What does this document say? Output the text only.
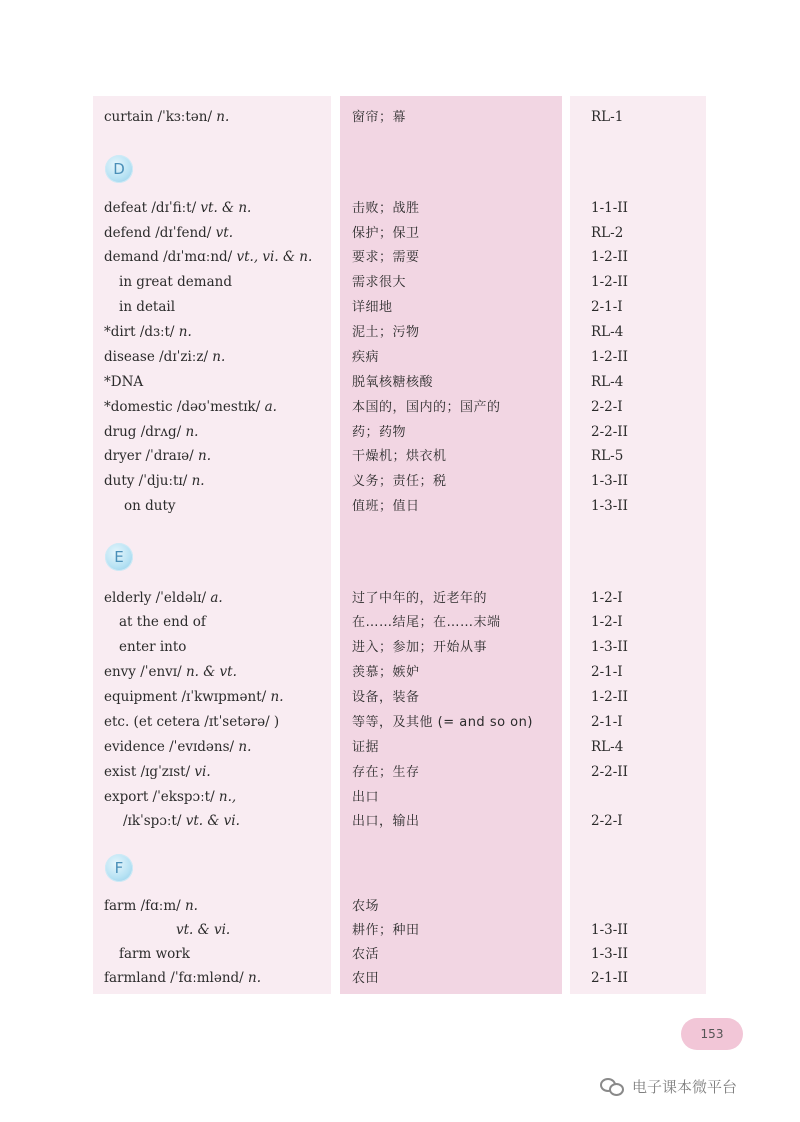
curtain /ˈkɜːtən/ n.	窗帘；幕	RL-1
D
defeat /dɪˈfiːt/ vt. & n.	击败；战胜	1-1-II
defend /dɪˈfend/ vt.	保护；保卫	RL-2
demand /dɪˈmɑːnd/ vt., vi. & n.	要求；需要	1-2-II
in great demand	需求很大	1-2-II
in detail	详细地	2-1-I
*dirt /dɜːt/ n.	泥土；污物	RL-4
disease /dɪˈziːz/ n.	疾病	1-2-II
*DNA	脱氧核糖核酸	RL-4
*domestic /dəʊˈmestɪk/ a.	本国的，国内的；国产的	2-2-I
drug /drʌg/ n.	药；药物	2-2-II
dryer /ˈdraɪə/ n.	干燥机；烘衣机	RL-5
duty /ˈdjuːtɪ/ n.	义务；责任；税	1-3-II
on duty	值班；值日	1-3-II
E
elderly /ˈeldəlɪ/ a.	过了中年的，近老年的	1-2-I
at the end of	在……结尾；在……末端	1-2-I
enter into	进入；参加；开始从事	1-3-II
envy /ˈenvɪ/ n. & vt.	羡慕；嫉妒	2-1-I
equipment /ɪˈkwɪpmənt/ n.	设备，装备	1-2-II
etc. (et cetera /ɪtˈsetərə/ )	等等，及其他 (= and so on)	2-1-I
evidence /ˈevɪdəns/ n.	证据	RL-4
exist /ɪgˈzɪst/ vi.	存在；生存	2-2-II
export /ˈekspɔːt/ n.,	出口
/ɪkˈspɔːt/ vt. & vi.	出口，输出	2-2-I
F
farm /fɑːm/ n.	农场
vt. & vi.	耕作；种田	1-3-II
farm work	农活	1-3-II
farmland /ˈfɑːmlənd/ n.	农田	2-1-II
153
电子课本微平台
